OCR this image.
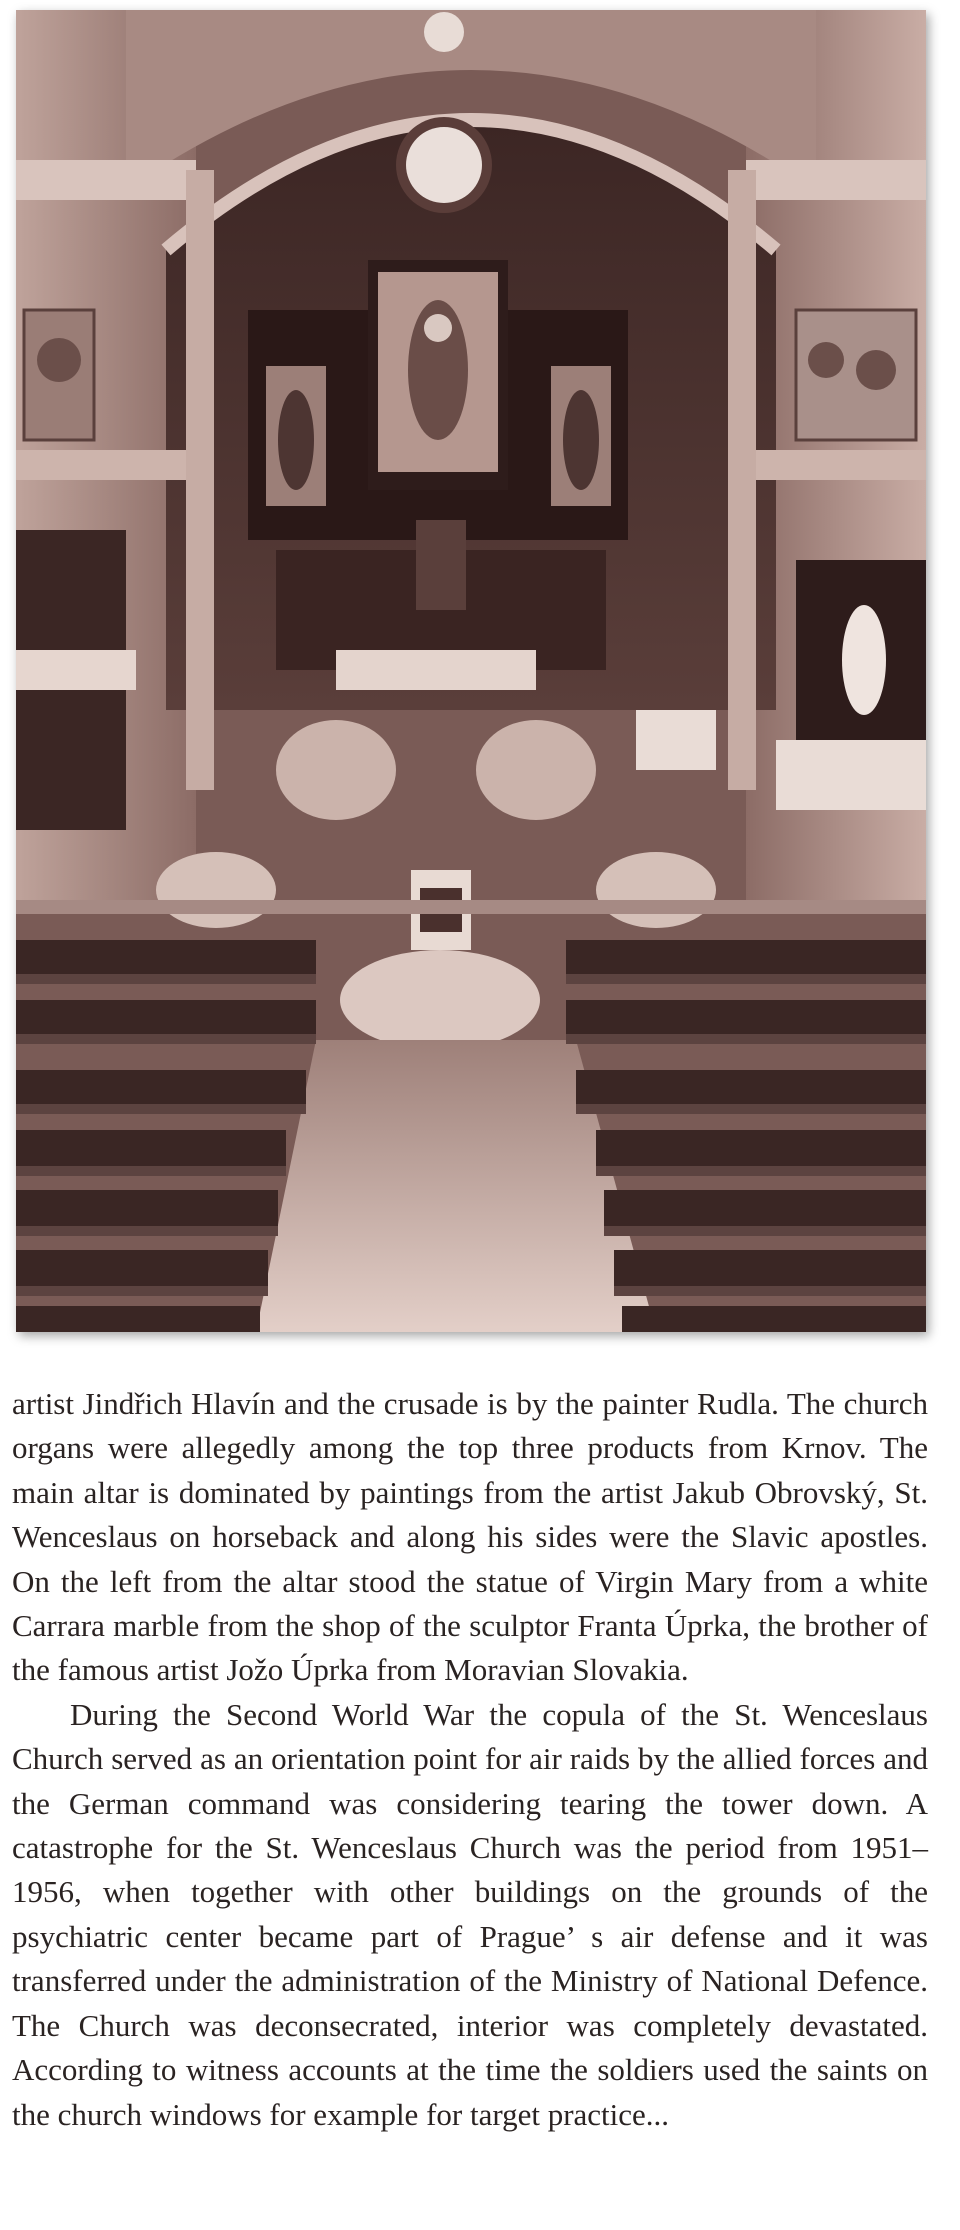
artist Jindřich Hlavín and the crusade is by the painter Rudla. The church organs were allegedly among the top three products from Krnov. The main altar is dominated by paintings from the artist Jakub Obrovský, St. Wenceslaus on horseback and along his sides were the Slavic apostles. On the left from the altar stood the statue of Virgin Mary from a white Carrara marble from the shop of the sculptor Franta Úprka, the brother of the famous artist Jožo Úprka from Moravian Slovakia.

During the Second World War the copula of the St. Wenceslaus Church served as an orientation point for air raids by the allied forces and the German command was considering tearing the tower down. A catastrophe for the St. Wenceslaus Church was the period from 1951–1956, when together with other buildings on the grounds of the psychiatric center became part of Prague’ s air defense and it was transferred under the administration of the Ministry of National Defence. The Church was deconsecrated, interior was completely devastated. According to witness accounts at the time the soldiers used the saints on the church windows for example for target practice...
